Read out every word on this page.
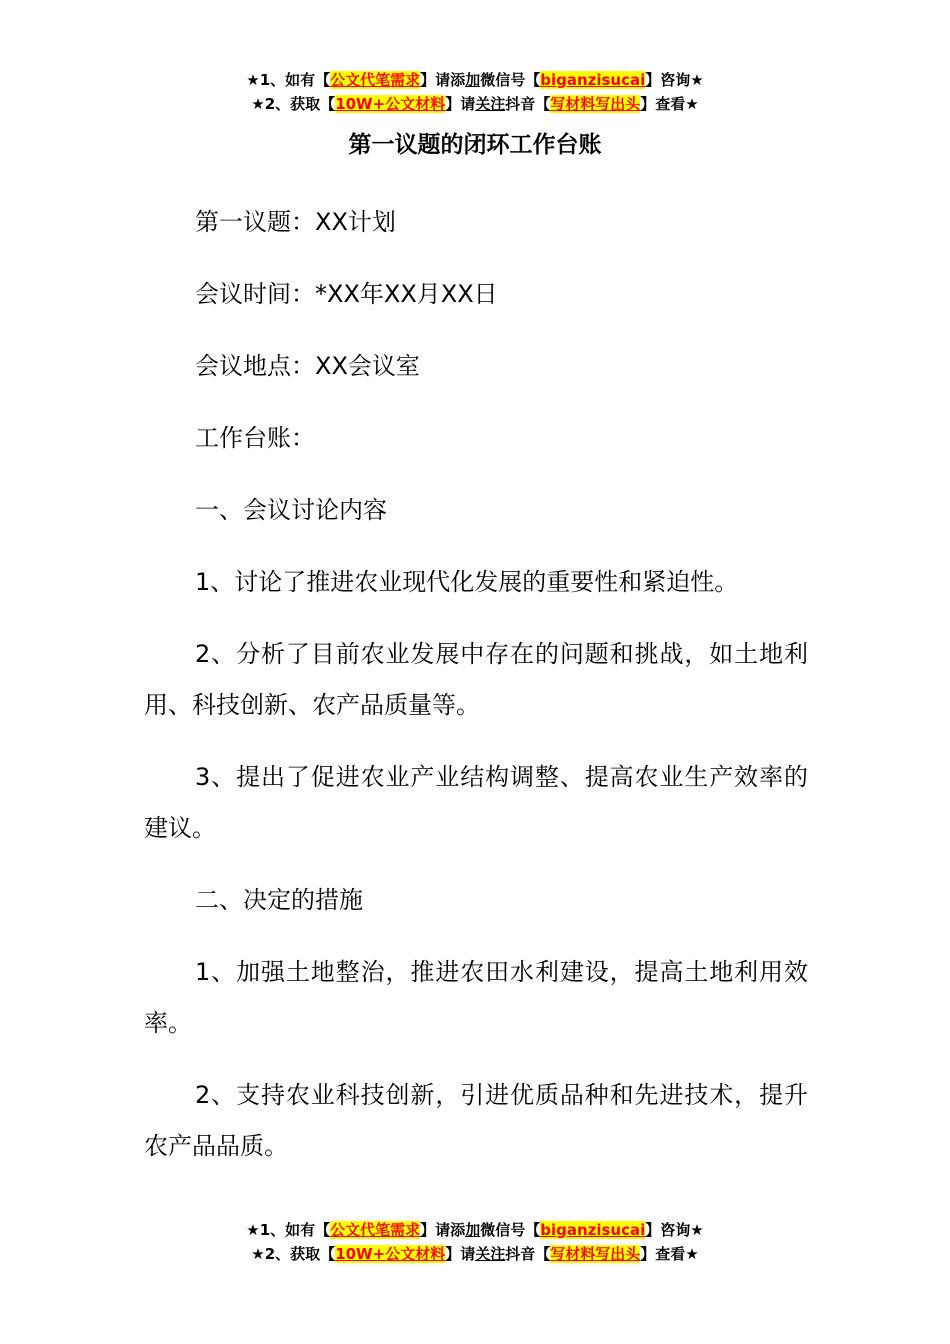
★1、如有【公文代笔需求】请添加微信号【biganzisucai】咨询★
★2、获取【10W+公文材料】请关注抖音【写材料写出头】查看★
第一议题的闭环工作台账

第一议题：XX计划

会议时间：*XX年XX月XX日

会议地点：XX会议室

工作台账：

一、会议讨论内容

1、讨论了推进农业现代化发展的重要性和紧迫性。

2、分析了目前农业发展中存在的问题和挑战，如土地利用、科技创新、农产品质量等。

3、提出了促进农业产业结构调整、提高农业生产效率的建议。

二、决定的措施

1、加强土地整治，推进农田水利建设，提高土地利用效率。

2、支持农业科技创新，引进优质品种和先进技术，提升农产品品质。

★1、如有【公文代笔需求】请添加微信号【biganzisucai】咨询★
★2、获取【10W+公文材料】请关注抖音【写材料写出头】查看★
